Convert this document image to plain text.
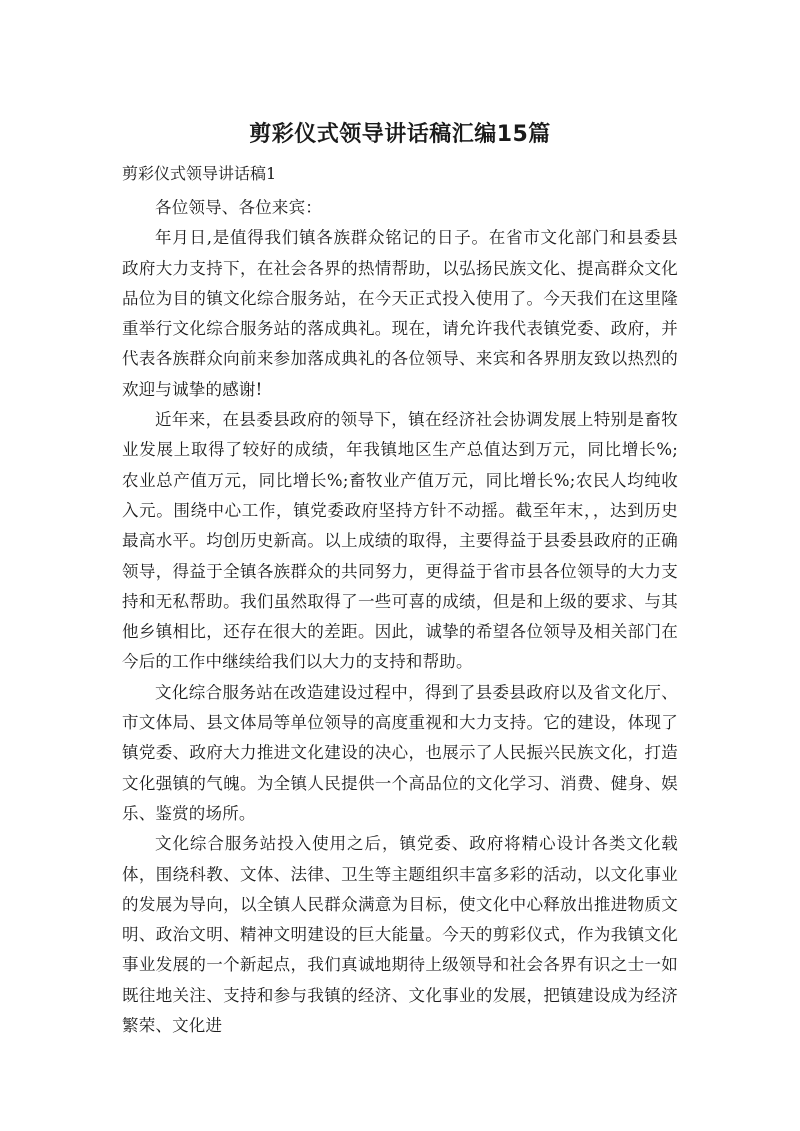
剪彩仪式领导讲话稿汇编15篇

剪彩仪式领导讲话稿1

各位领导、各位来宾：

年月日,是值得我们镇各族群众铭记的日子。在省市文化部门和县委县政府大力支持下，在社会各界的热情帮助，以弘扬民族文化、提高群众文化品位为目的镇文化综合服务站，在今天正式投入使用了。今天我们在这里隆重举行文化综合服务站的落成典礼。现在，请允许我代表镇党委、政府，并代表各族群众向前来参加落成典礼的各位领导、来宾和各界朋友致以热烈的欢迎与诚挚的感谢!

近年来，在县委县政府的领导下，镇在经济社会协调发展上特别是畜牧业发展上取得了较好的成绩，年我镇地区生产总值达到万元，同比增长%;农业总产值万元，同比增长%;畜牧业产值万元，同比增长%;农民人均纯收入元。围绕中心工作，镇党委政府坚持方针不动摇。截至年末，，达到历史最高水平。均创历史新高。以上成绩的取得，主要得益于县委县政府的正确领导，得益于全镇各族群众的共同努力，更得益于省市县各位领导的大力支持和无私帮助。我们虽然取得了一些可喜的成绩，但是和上级的要求、与其他乡镇相比，还存在很大的差距。因此，诚挚的希望各位领导及相关部门在今后的工作中继续给我们以大力的支持和帮助。

文化综合服务站在改造建设过程中，得到了县委县政府以及省文化厅、市文体局、县文体局等单位领导的高度重视和大力支持。它的建设，体现了镇党委、政府大力推进文化建设的决心，也展示了人民振兴民族文化，打造文化强镇的气魄。为全镇人民提供一个高品位的文化学习、消费、健身、娱乐、鉴赏的场所。

文化综合服务站投入使用之后，镇党委、政府将精心设计各类文化载体，围绕科教、文体、法律、卫生等主题组织丰富多彩的活动，以文化事业的发展为导向，以全镇人民群众满意为目标，使文化中心释放出推进物质文明、政治文明、精神文明建设的巨大能量。今天的剪彩仪式，作为我镇文化事业发展的一个新起点，我们真诚地期待上级领导和社会各界有识之士一如既往地关注、支持和参与我镇的经济、文化事业的发展，把镇建设成为经济繁荣、文化进
